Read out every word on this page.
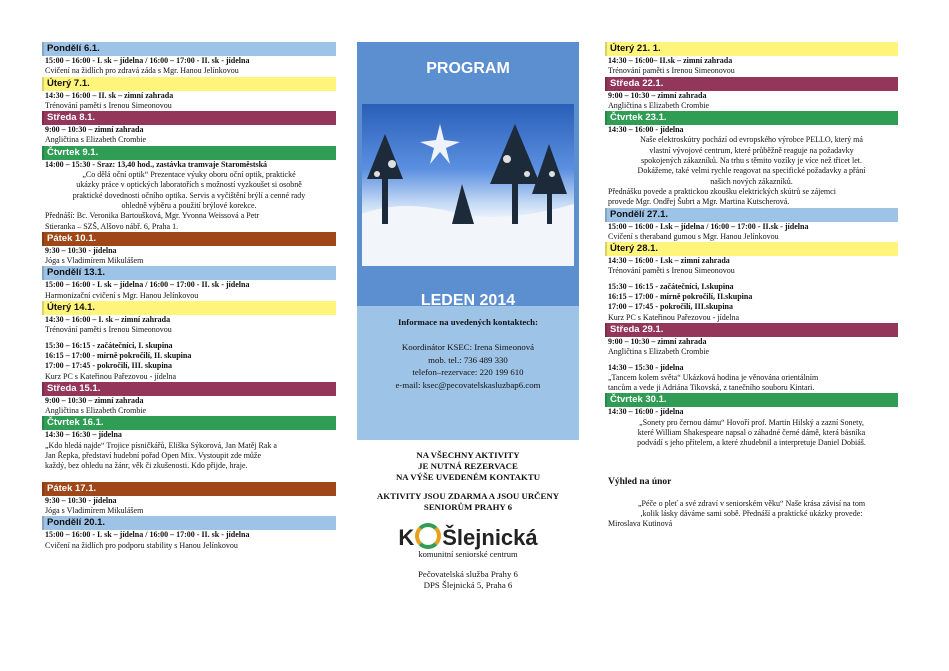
Pondělí 6.1.
15:00 – 16:00 - I. sk – jídelna / 16:00 – 17:00 - II. sk - jídelna
Cvičení na židlích pro zdravá záda s Mgr. Hanou Jelínkovou
Úterý 7.1.
14:30 – 16:00 – II. sk – zimní zahrada
Trénování paměti s Irenou Simeonovou
Středa 8.1.
9:00 – 10:30 – zimní zahrada
Angličtina s Elizabeth Crombie
Čtvrtek 9.1.
14:00 – 15:30 - Sraz: 13,40 hod., zastávka tramvaje Staroměstská
„Co dělá oční optik“ Prezentace výuky oboru oční optik, praktické
ukázky práce v optických laboratořích s možností vyzkoušet si osobně
praktické dovednosti očního optika. Servis a vyčištění brýlí a cenné rady
ohledně výběru a použití brýlové korekce.
Přednáší: Bc. Veronika Bartoušková, Mgr. Yvonna Weissová a Petr
Stieranka – SZŠ, Alšovo nábř. 6, Praha 1.
Pátek 10.1.
9:30 – 10:30 - jídelna
Jóga s Vladimírem Mikulášem
Pondělí 13.1.
15:00 – 16:00 - I. sk – jídelna / 16:00 – 17:00 - II. sk - jídelna
Harmonizační cvičení s Mgr. Hanou Jelínkovou
Úterý 14.1.
14:30 – 16:00 – I. sk – zimní zahrada
Trénování paměti s Irenou Simeonovou
15:30 – 16:15 - začátečníci, I. skupina
16:15 – 17:00 - mírně pokročilí, II. skupina
17:00 – 17:45 - pokročilí, III. skupina
Kurz PC s Kateřinou Pařezovou - jídelna
Středa 15.1.
9:00 – 10:30 – zimní zahrada
Angličtina s Elizabeth Crombie
Čtvrtek 16.1.
14:30 – 16:30 – jídelna
„Kdo hledá najde“ Trojice písničkářů, Eliška Sýkorová, Jan Matěj Rak a
Jan Řepka, představí hudební pořad Open Mix. Vystoupit zde může
každý, bez ohledu na žánr, věk či zkušenosti. Kdo přijde, hraje.
Pátek 17.1.
9:30 – 10:30 - jídelna
Jóga s Vladimírem Mikulášem
Pondělí 20.1.
15:00 – 16:00 - I. sk – jídelna / 16:00 – 17:00 - II. sk - jídelna
Cvičení na židlích pro podporu stability s Hanou Jelínkovou
PROGRAM
LEDEN 2014
Informace na uvedených kontaktech:

Koordinátor KSEC: Irena Simeonová
mob. tel.: 736 489 330
telefon–rezervace: 220 199 610
e-mail: ksec@pecovatelskasluzbap6.com
NA VŠECHNY AKTIVITY
JE NUTNÁ REZERVACE
NA VÝŠE UVEDENÉM KONTAKTU
AKTIVITY JSOU ZDARMA A JSOU URČENY
SENIORŮM PRAHY 6
K Šlejnická
komunitní seniorské centrum
Pečovatelská služba Prahy 6
DPS Šlejnická 5, Praha 6
Úterý 21. 1.
14:30 – 16:00– II.sk – zimní zahrada
Trénování paměti s Irenou Simeonovou
Středa 22.1.
9:00 – 10:30 – zimní zahrada
Angličtina s Elizabeth Crombie
Čtvrtek 23.1.
14:30 – 16:00 - jídelna
Naše elektroskútry pochází od evropského výrobce PELLO, který má
vlastní vývojové centrum, které průběžně reaguje na požadavky
spokojených zákazníků. Na trhu s těmito vozíky je více než třicet let.
Dokážeme, také velmi rychle reagovat na specifické požadavky a přání
našich nových zákazníků.
Přednášku povede a praktickou zkoušku elektrických skútrů se zájemci
provede Mgr. Ondřej Šubrt a Mgr. Martina Kutscherová.
Pondělí 27.1.
15:00 – 16:00 - I.sk – jídelna / 16:00 – 17:00 - II.sk - jídelna
Cvičení s theraband gumou s Mgr. Hanou Jelínkovou
Úterý 28.1.
14:30 – 16:00 - I.sk – zimní zahrada
Trénování paměti s Irenou Simeonovou
15:30 – 16:15 - začátečníci, I.skupina
16:15 – 17:00 - mírně pokročilí, II.skupina
17:00 – 17:45 - pokročilí, III.skupina
Kurz PC s Kateřinou Pařezovou - jídelna
Středa 29.1.
9:00 – 10:30 – zimní zahrada
Angličtina s Elizabeth Crombie
14:30 – 15:30 - jídelna
„Tancem kolem světa“ Ukázková hodina je věnována orientálním
tancům a vede ji Adriána Tikovská, z tanečního souboru Kintari.
Čtvrtek 30.1.
14:30 – 16:00 - jídelna
„Sonety pro černou dámu“ Hovoří prof. Martin Hilský a zazní Sonety,
které William Shakespeare napsal o záhadné černé dámě, která básníka
podvádí s jeho přítelem, a které zhudebnil a interpretuje Daniel Dobiáš.
Výhled na únor
„Péče o pleť a své zdraví v seniorském věku“ Naše krása závisí na tom
,kolik lásky dáváme sami sobě. Přednáší a praktické ukázky provede:
Miroslava Kutinová
